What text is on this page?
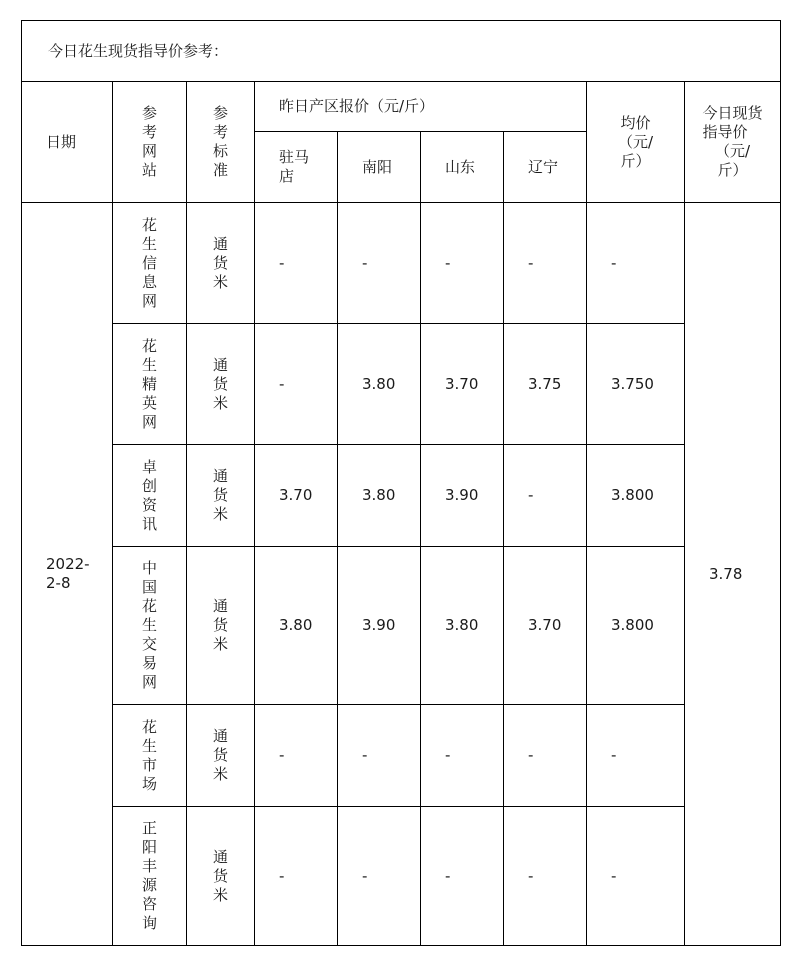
今日花生现货指导价参考：								
日期	参考网站	参考标准	昨日产区报价（元/斤）				均价
（元/
斤）	今日现货指导价
（元/
斤）

			驻马店	南阳	山东	辽宁		

2022-2-8	花生信息网	通货米	-	-	-	-	-	3.78

	花生精英网	通货米	-	3.80	3.70	3.75	3.750	

	卓创资讯	通货米	3.70	3.80	3.90	-	3.800	

	中国花生交易网	通货米	3.80	3.90	3.80	3.70	3.800	

	花生市场	通货米	-	-	-	-	-	

	正阳丰源咨询	通货米	-	-	-	-	-	
